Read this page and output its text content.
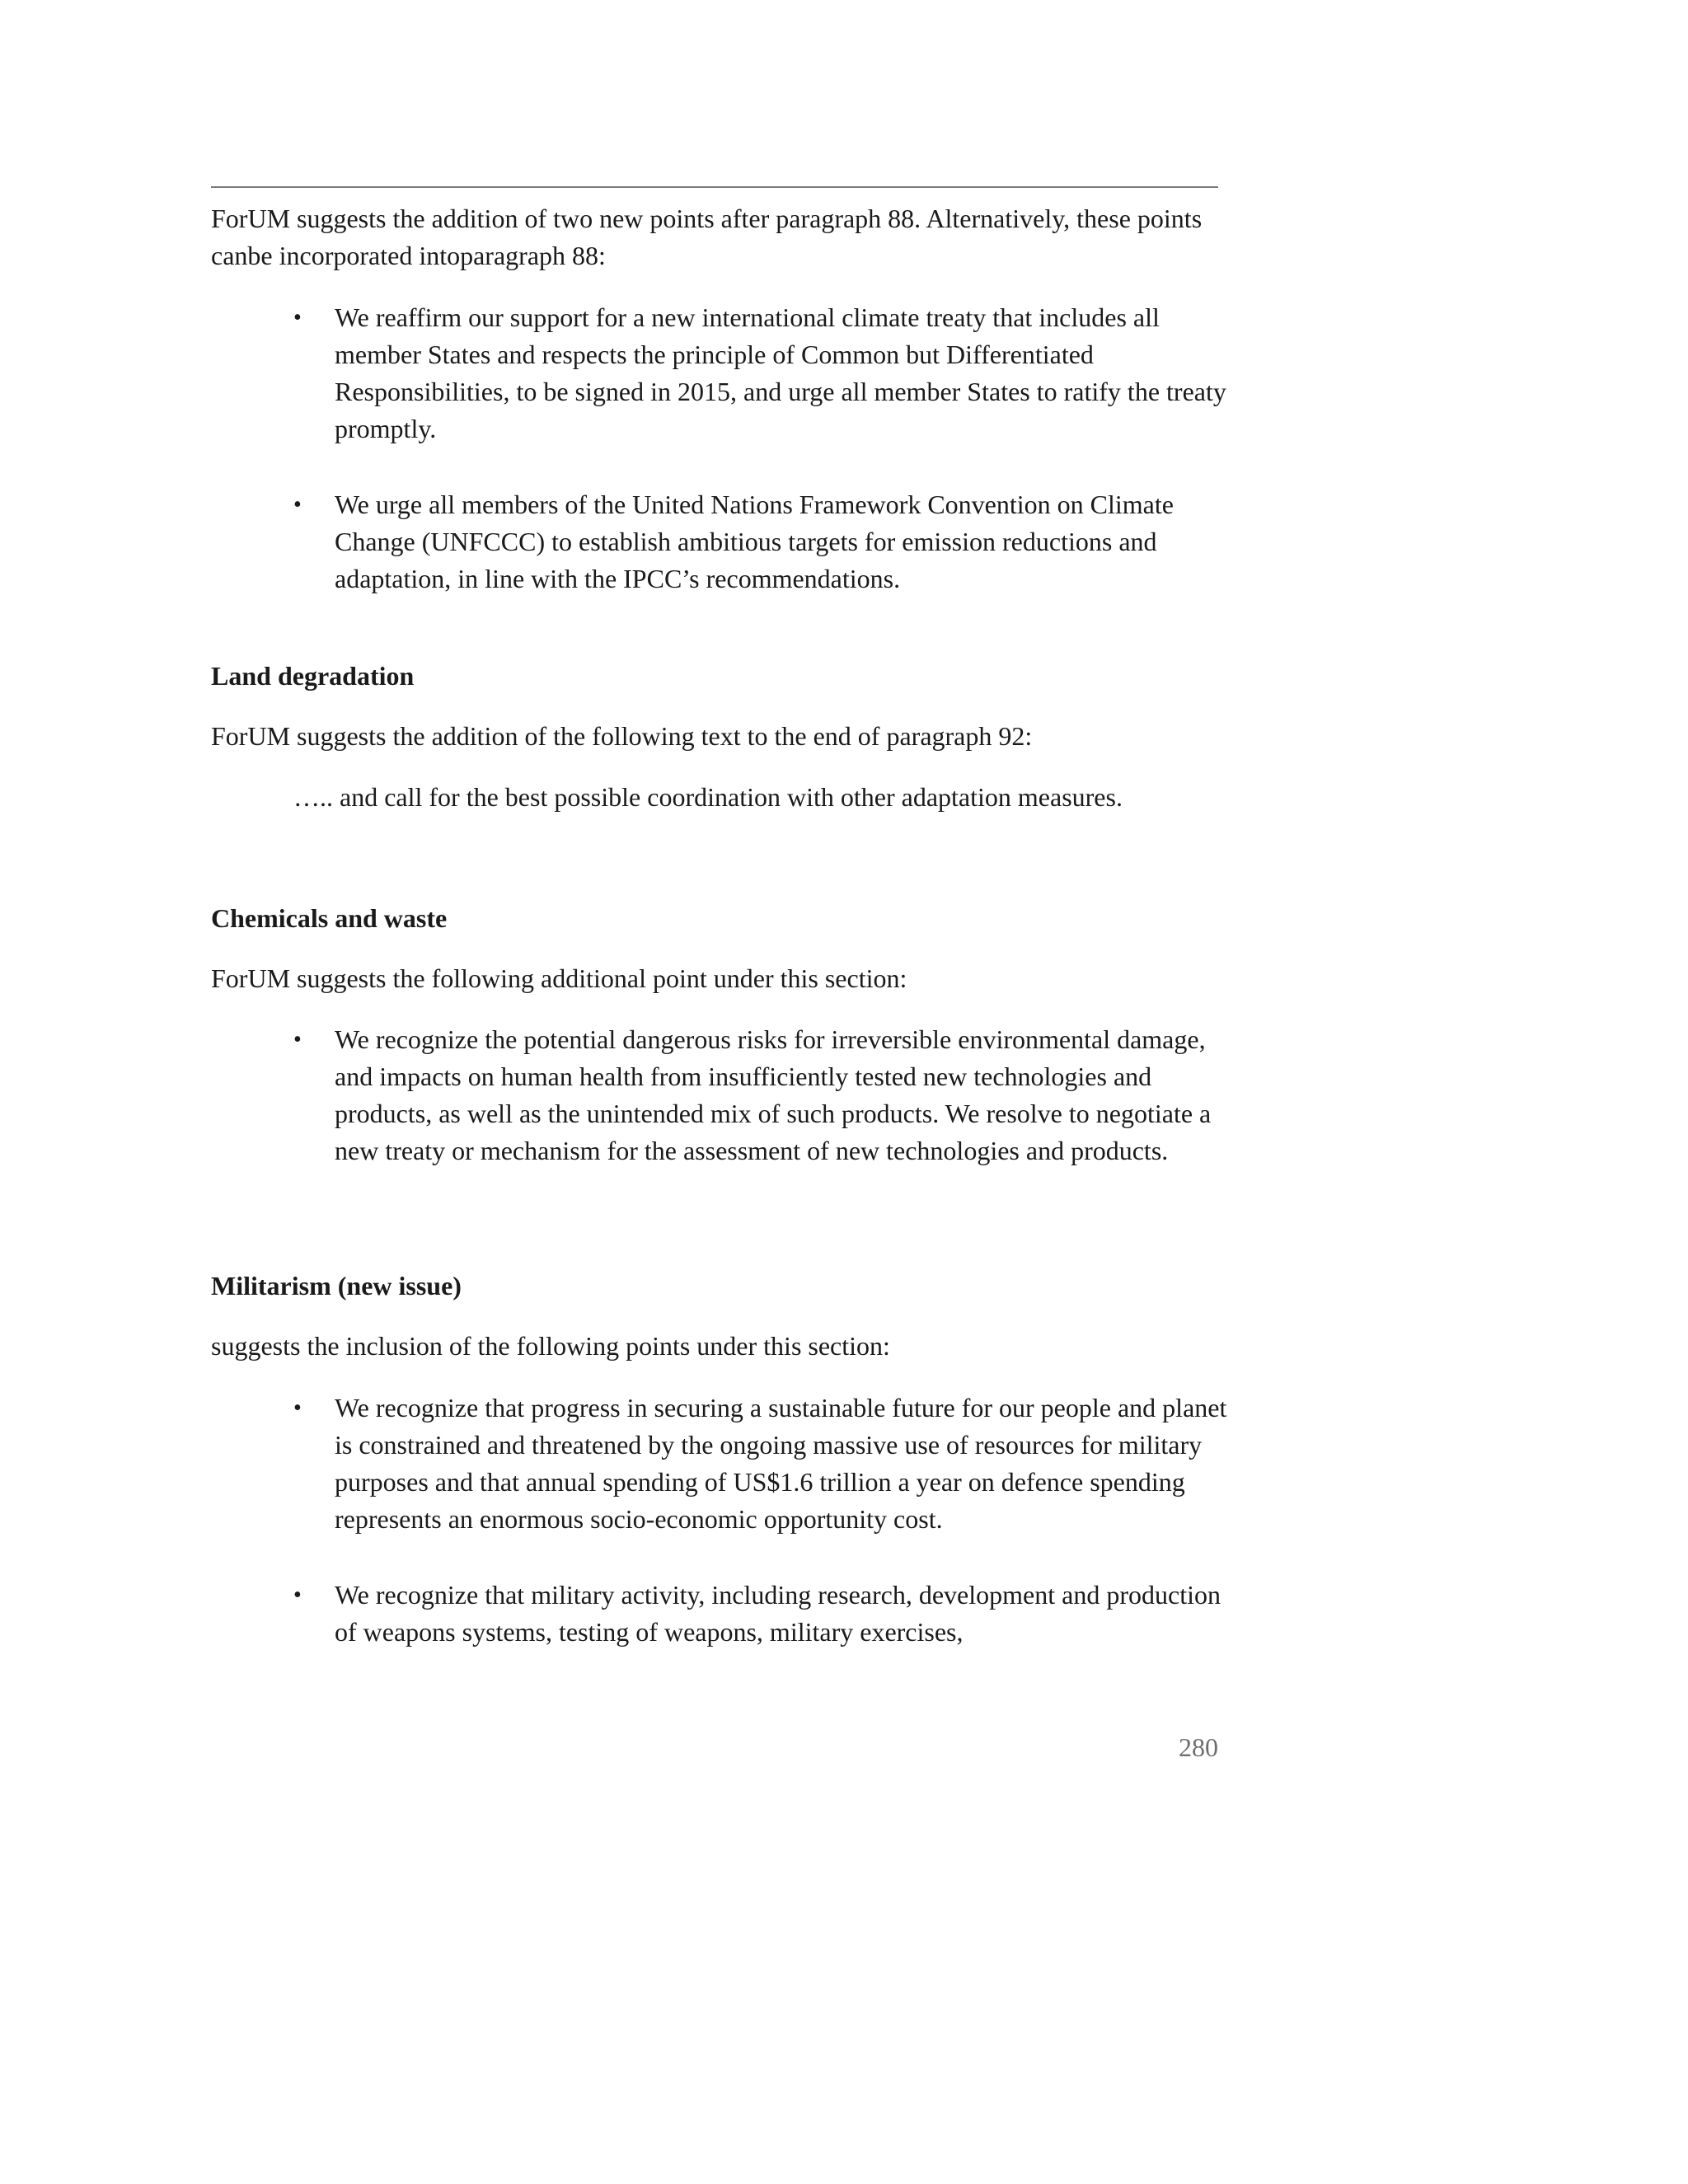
ForUM suggests the addition of two new points after paragraph 88. Alternatively, these points canbe incorporated intoparagraph 88:
•	We reaffirm our support for a new international climate treaty that includes all member States and respects the principle of Common but Differentiated Responsibilities, to be signed in 2015, and urge all member States to ratify the treaty promptly.
•	We urge all members of the United Nations Framework Convention on Climate Change (UNFCCC) to establish ambitious targets for emission reductions and adaptation, in line with the IPCC’s recommendations.
Land degradation
ForUM suggests the addition of the following text to the end of paragraph 92:
….. and call for the best possible coordination with other adaptation measures.
Chemicals and waste
ForUM suggests the following additional point under this section:
•	We recognize the potential dangerous risks for irreversible environmental damage, and impacts on human health from insufficiently tested new technologies and products, as well as the unintended mix of such products. We resolve to negotiate a new treaty or mechanism for the assessment of new technologies and products.
Militarism (new issue)
suggests the inclusion of the following points under this section:
•	We recognize that progress in securing a sustainable future for our people and planet is constrained and threatened by the ongoing massive use of resources for military purposes and that annual spending of US$1.6 trillion a year on defence spending represents an enormous socio-economic opportunity cost.
•	We recognize that military activity, including research, development and production of weapons systems, testing of weapons, military exercises,
280
